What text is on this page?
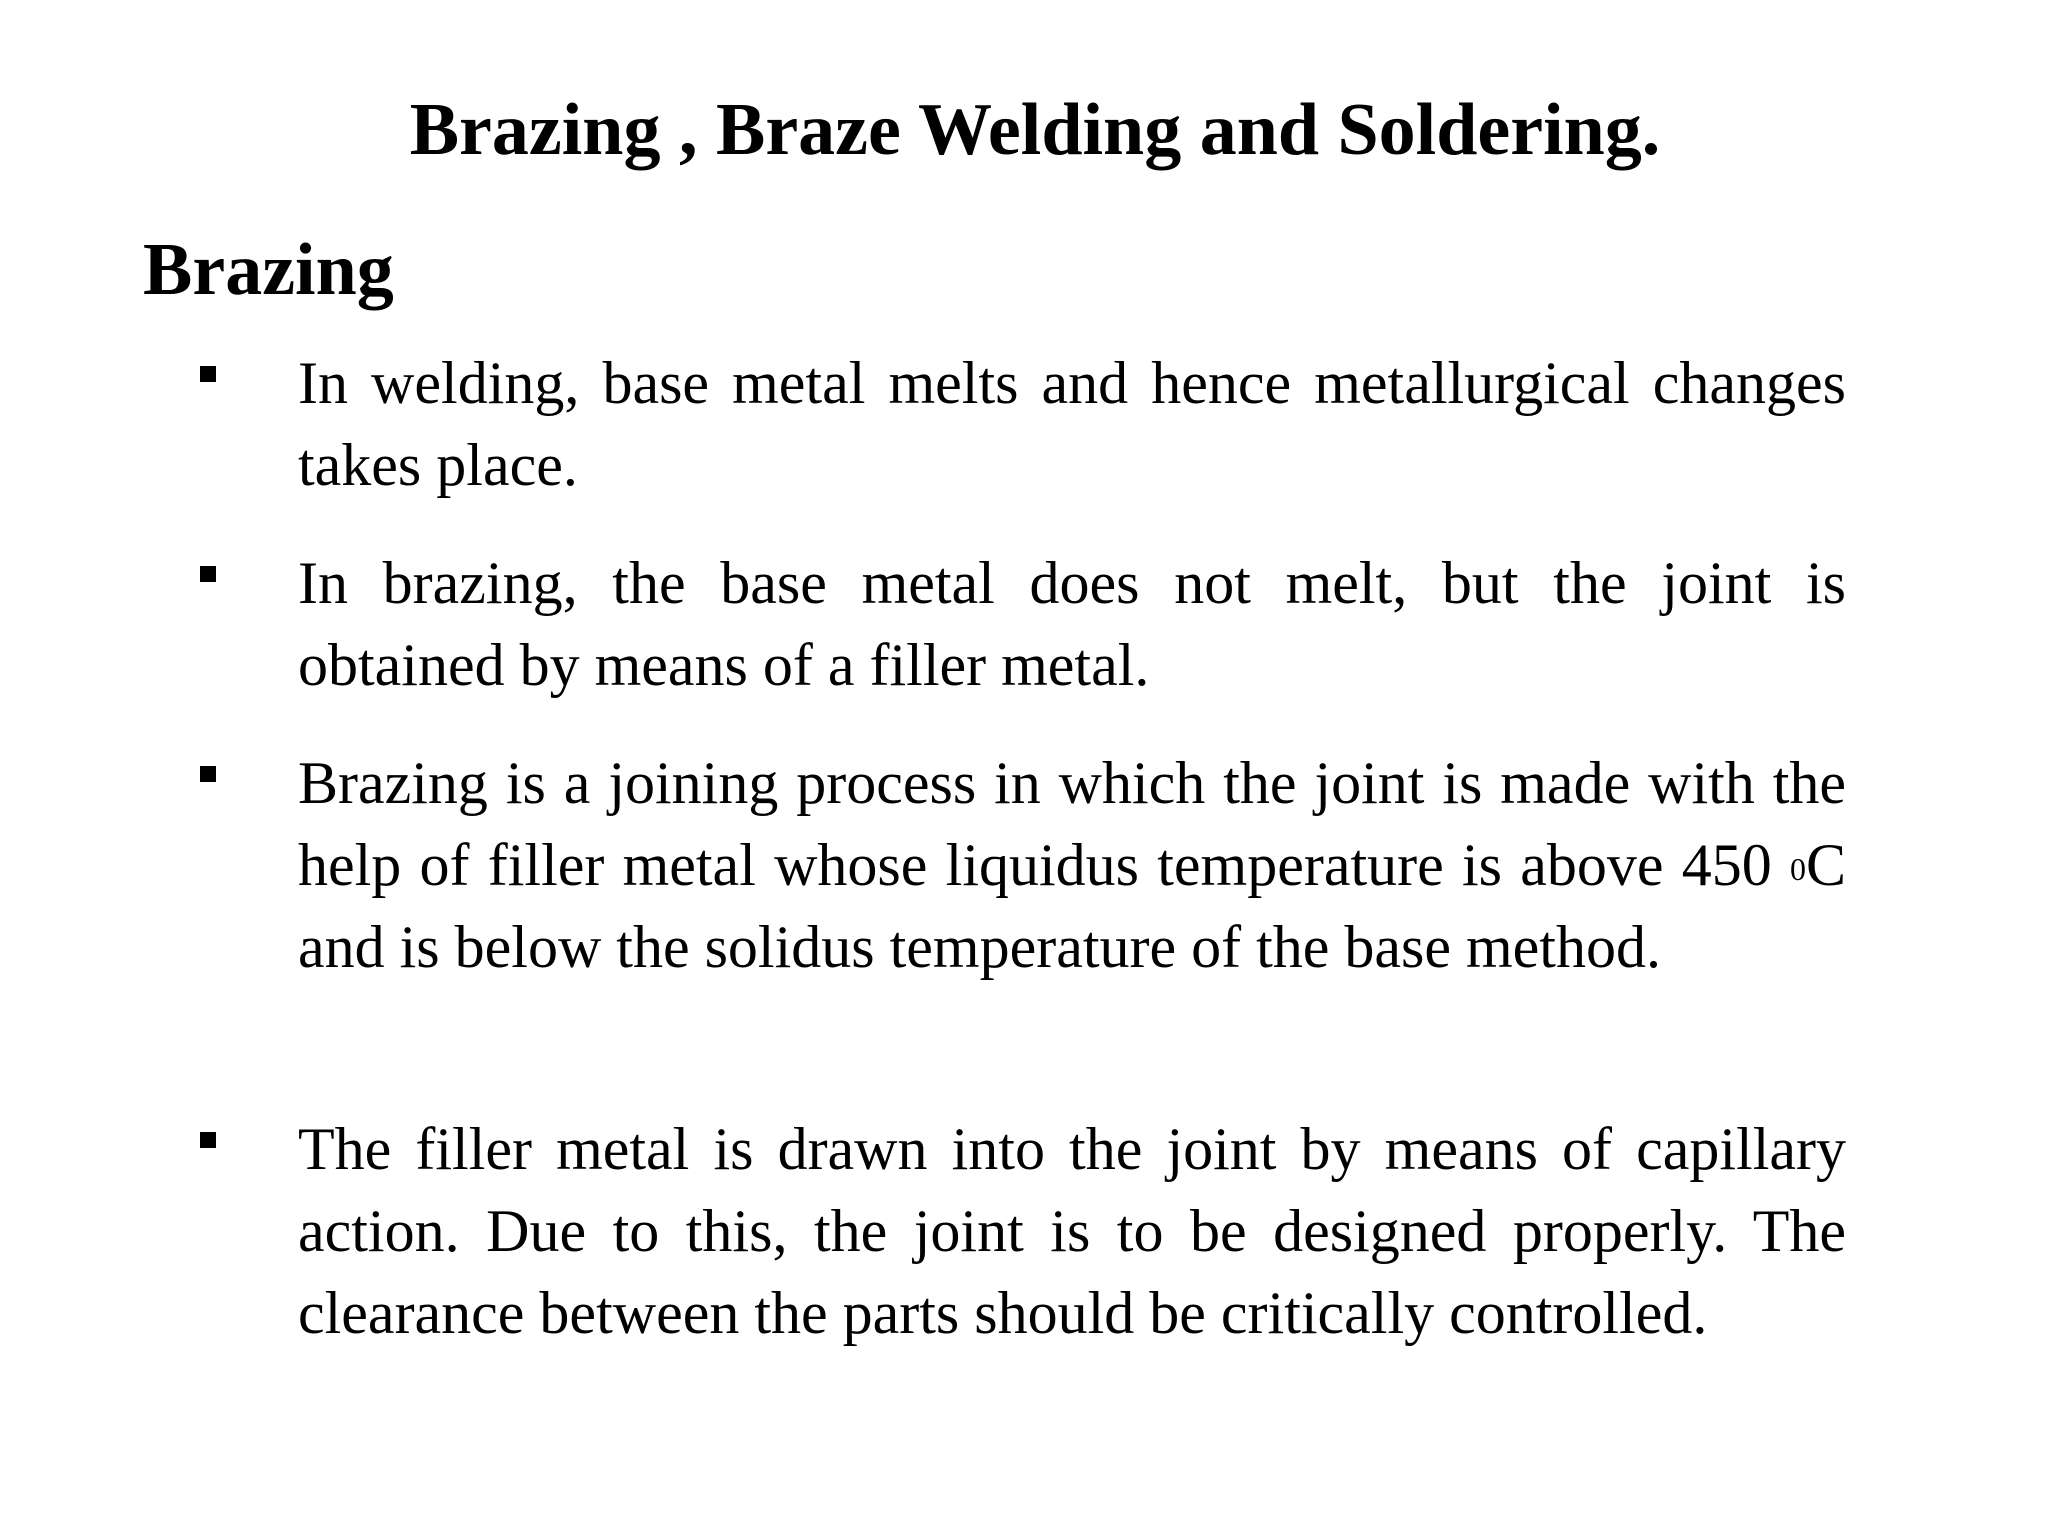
Brazing , Braze Welding and Soldering.
Brazing

In welding, base metal melts and hence metallurgical changes takes place.

In brazing, the base metal does not melt, but the joint is obtained by means of a filler metal.

Brazing is a joining process in which the joint is made with the help of filler metal whose liquidus temperature is above 450 $^0$C and is below the solidus temperature of the base method.

The filler metal is drawn into the joint by means of capillary action. Due to this, the joint is to be designed properly. The clearance between the parts should be critically controlled.
